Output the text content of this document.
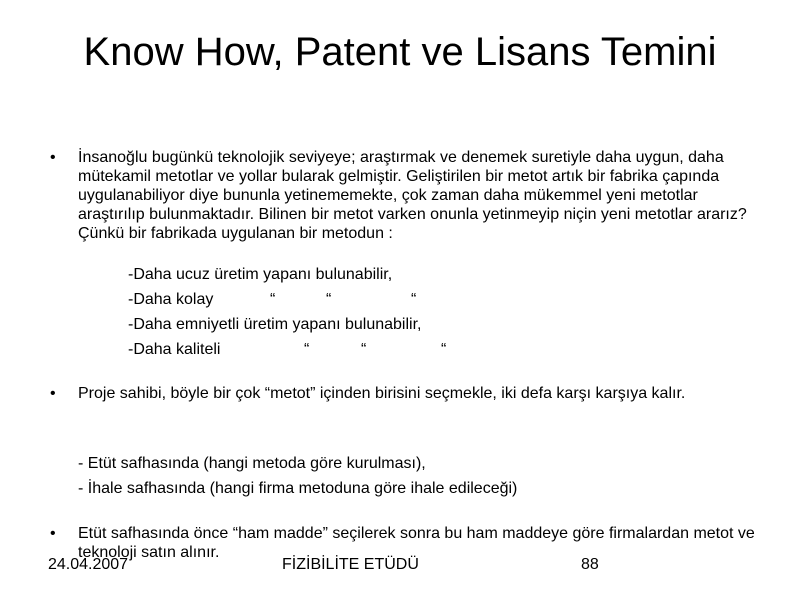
Know How, Patent ve Lisans Temini
• İnsanoğlu bugünkü teknolojik seviyeye; araştırmak ve denemek suretiyle daha uygun, daha mütekamil metotlar ve yollar bularak gelmiştir. Geliştirilen bir metot artık bir fabrika çapında uygulanabiliyor diye bununla yetinememekte, çok zaman daha mükemmel yeni metotlar araştırılıp bulunmaktadır. Bilinen bir metot varken onunla yetinmeyip niçin yeni metotlar ararız? Çünkü bir fabrikada uygulanan bir metodun :
-Daha ucuz üretim yapanı bulunabilir,
-Daha kolay	“	“	“
-Daha emniyetli üretim yapanı bulunabilir,
-Daha kaliteli	“	“	“
• Proje sahibi, böyle bir çok “metot” içinden birisini seçmekle, iki defa karşı karşıya kalır.
- Etüt safhasında (hangi metoda göre kurulması),
- İhale safhasında (hangi firma metoduna göre ihale edileceği)
• Etüt safhasında önce “ham madde” seçilerek sonra bu ham maddeye göre firmalardan metot ve teknoloji satın alınır.
24.04.2007	FİZİBİLİTE ETÜDÜ	88
